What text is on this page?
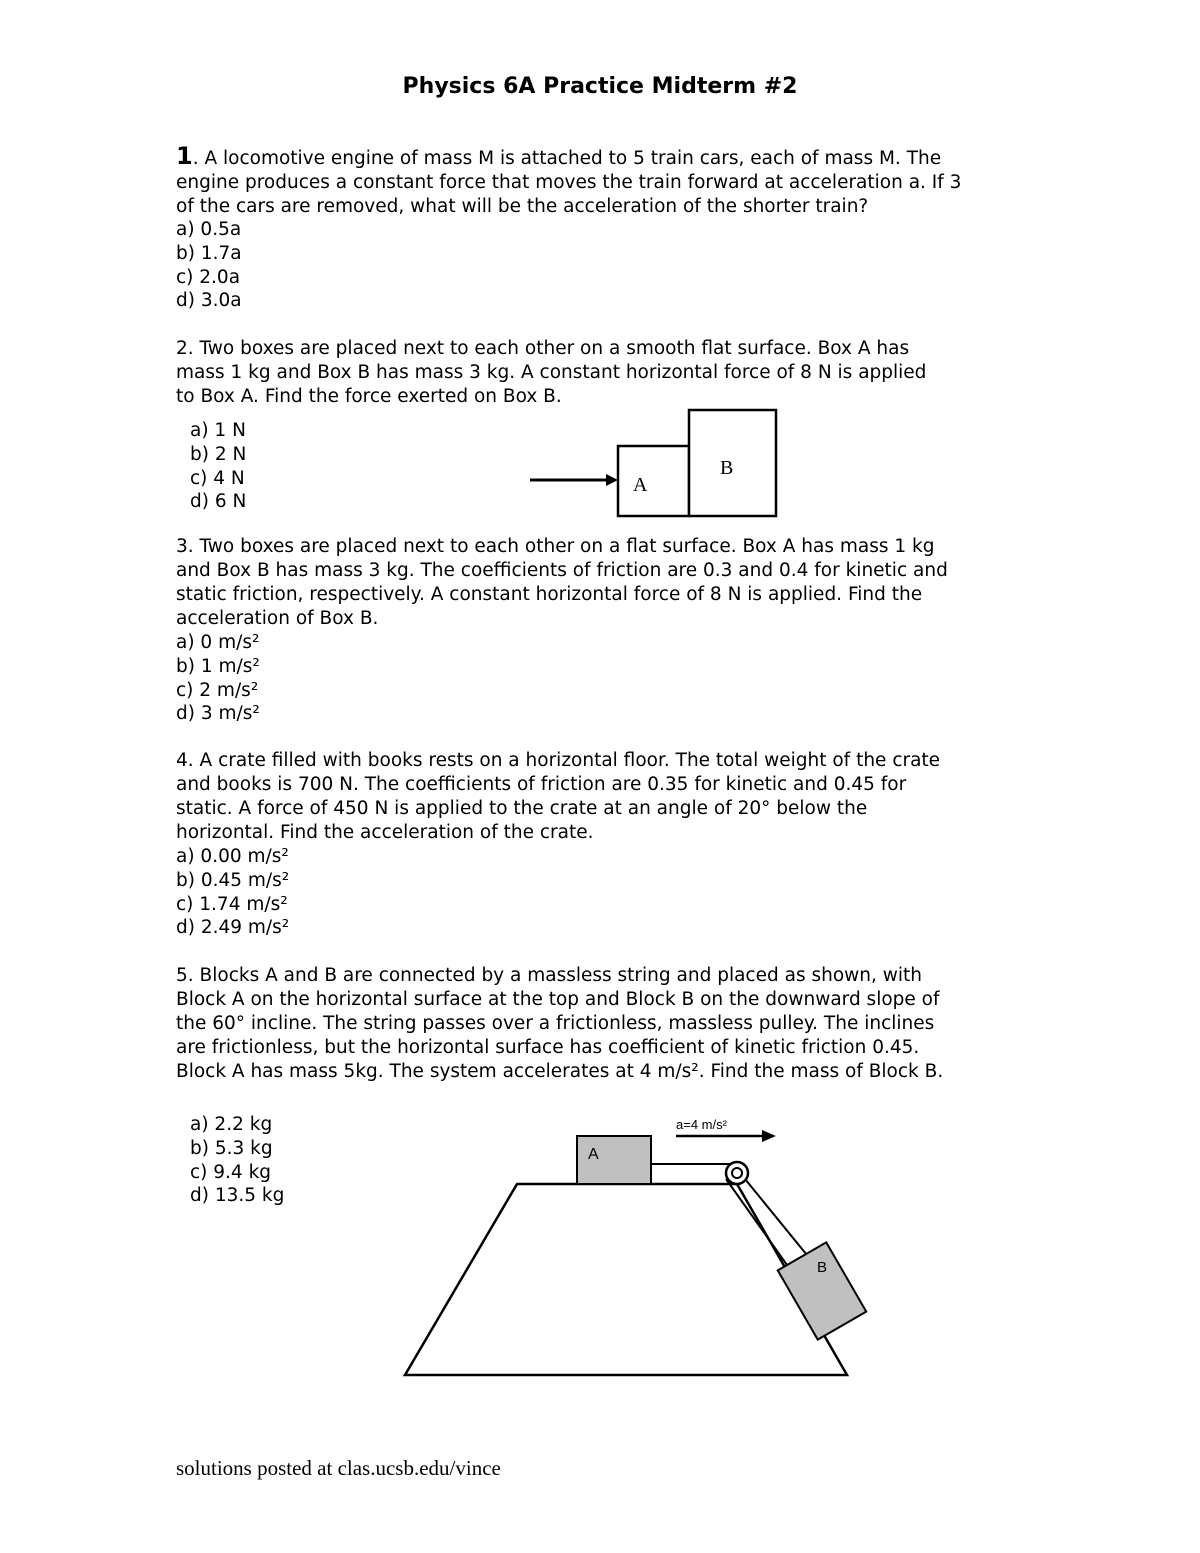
Physics 6A Practice Midterm #2
1. A locomotive engine of mass M is attached to 5 train cars, each of mass M. The
engine produces a constant force that moves the train forward at acceleration a. If 3
of the cars are removed, what will be the acceleration of the shorter train?
a) 0.5a
b) 1.7a
c) 2.0a
d) 3.0a
2. Two boxes are placed next to each other on a smooth flat surface. Box A has
mass 1 kg and Box B has mass 3 kg. A constant horizontal force of 8 N is applied
to Box A. Find the force exerted on Box B.
a) 1 N
b) 2 N
c) 4 N
d) 6 N
A
B
3. Two boxes are placed next to each other on a flat surface. Box A has mass 1 kg
and Box B has mass 3 kg. The coefficients of friction are 0.3 and 0.4 for kinetic and
static friction, respectively. A constant horizontal force of 8 N is applied. Find the
acceleration of Box B.
a) 0 m/s²
b) 1 m/s²
c) 2 m/s²
d) 3 m/s²
4. A crate filled with books rests on a horizontal floor. The total weight of the crate
and books is 700 N. The coefficients of friction are 0.35 for kinetic and 0.45 for
static. A force of 450 N is applied to the crate at an angle of 20° below the
horizontal. Find the acceleration of the crate.
a) 0.00 m/s²
b) 0.45 m/s²
c) 1.74 m/s²
d) 2.49 m/s²
5. Blocks A and B are connected by a massless string and placed as shown, with
Block A on the horizontal surface at the top and Block B on the downward slope of
the 60° incline. The string passes over a frictionless, massless pulley. The inclines
are frictionless, but the horizontal surface has coefficient of kinetic friction 0.45.
Block A has mass 5kg. The system accelerates at 4 m/s². Find the mass of Block B.
a) 2.2 kg
b) 5.3 kg
c) 9.4 kg
d) 13.5 kg
A
B
a=4 m/s²
solutions posted at clas.ucsb.edu/vince
